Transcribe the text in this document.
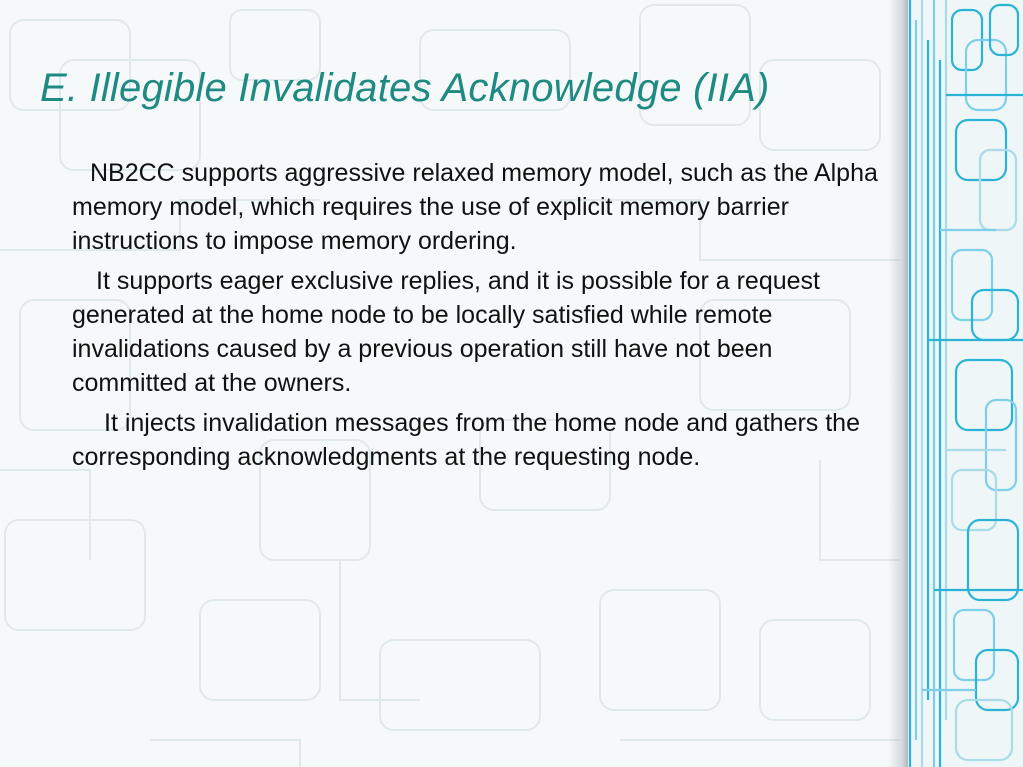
E. Illegible Invalidates Acknowledge (IIA)

NB2CC supports aggressive relaxed memory model, such as the Alpha memory model, which requires the use of explicit memory barrier instructions to impose memory ordering.

It supports eager exclusive replies, and it is possible for a request generated at the home node to be locally satisfied while remote invalidations caused by a previous operation still have not been committed at the owners.

It injects invalidation messages from the home node and gathers the corresponding acknowledgments at the requesting node.
